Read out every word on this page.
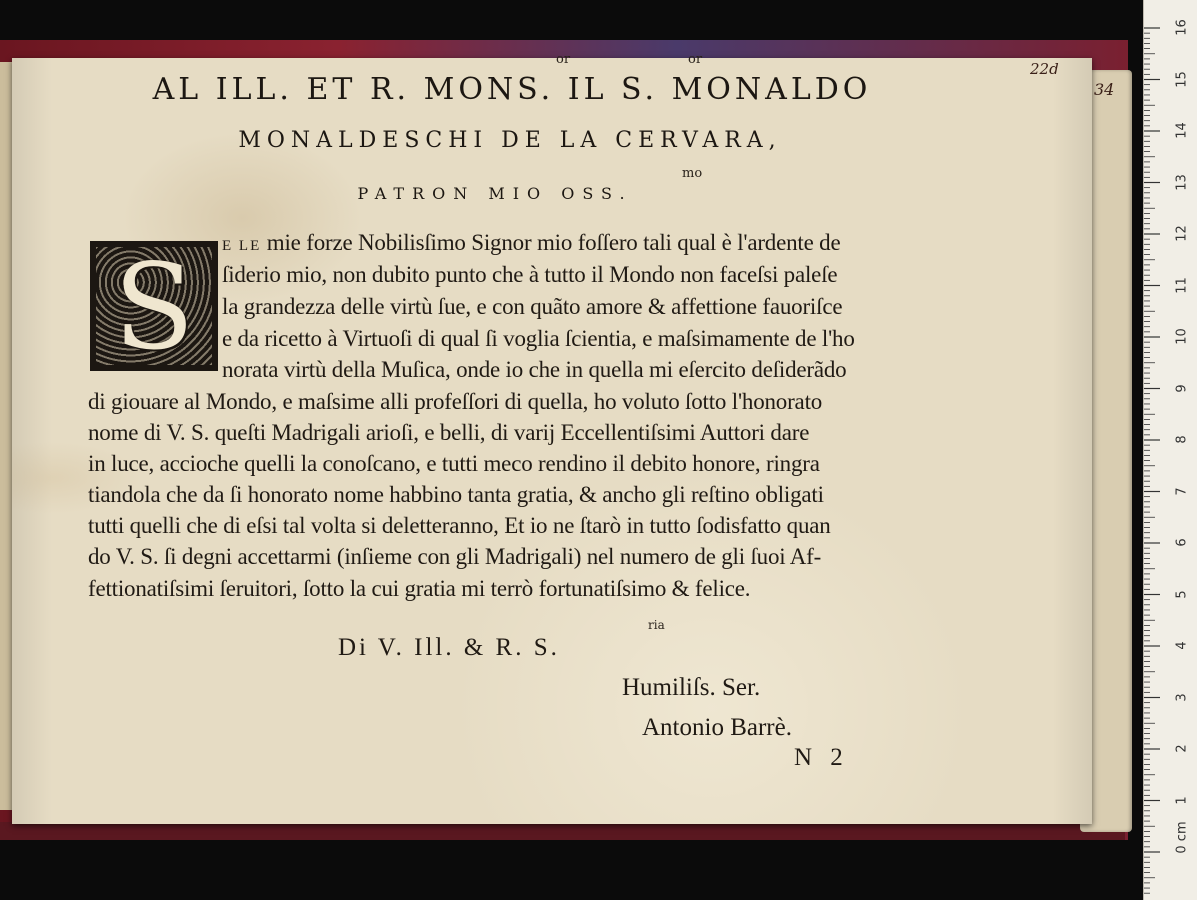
22d
34
or	or
AL ILL. ET R. MONS. IL S. MONALDO
MONALDESCHI DE LA CERVARA,
mo
PATRON MIO OSS.
S	E LE mie forze Nobilisſimo Signor mio foſſero tali qual è l'ardente de
ſiderio mio, non dubito punto che à tutto il Mondo non faceſsi paleſe
la grandezza delle virtù ſue, e con quãto amore & affettione fauoriſce
e da ricetto à Virtuoſi di qual ſi voglia ſcientia, e maſsimamente de l'ho
norata virtù della Muſica, onde io che in quella mi eſercito deſiderãdo
di giouare al Mondo, e maſsime alli profeſſori di quella, ho voluto ſotto l'honorato
nome di V. S. queſti Madrigali arioſi, e belli, di varij Eccellentiſsimi Auttori dare
in luce, accioche quelli la conoſcano, e tutti meco rendino il debito honore, ringra
tiandola che da ſi honorato nome habbino tanta gratia, & ancho gli reſtino obligati
tutti quelli che di eſsi tal volta si deletteranno, Et io ne ſtarò in tutto ſodisfatto quan
do V. S. ſi degni accettarmi (inſieme con gli Madrigali) nel numero de gli ſuoi Af-
fettionatiſsimi ſeruitori, ſotto la cui gratia mi terrò fortunatiſsimo & felice.
ria
Di V. Ill. & R. S.
Humiliſs. Ser.
Antonio Barrè.
N 2
16
15
14
13
12
11
10
9
8
7
6
5
4
3
2
1
0 cm
